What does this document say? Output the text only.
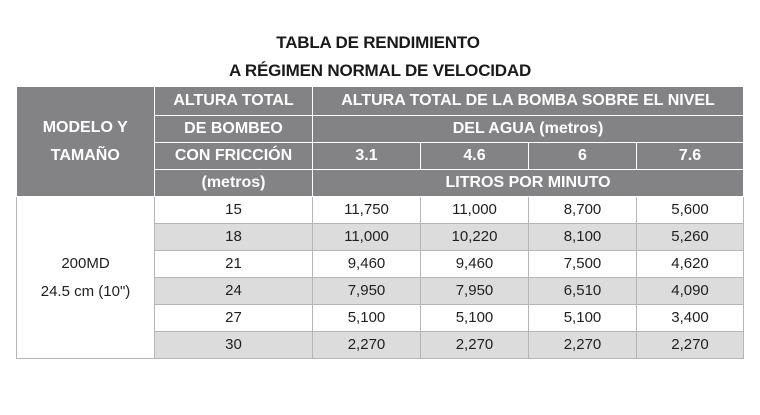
TABLA DE RENDIMIENTO
A RÉGIMEN NORMAL DE VELOCIDAD
MODELO Y TAMAÑO	ALTURA TOTAL	ALTURA TOTAL DE LA BOMBA SOBRE EL NIVEL			
	DE BOMBEO	DEL AGUA (metros)			
	CON FRICCIÓN	3.1	4.6	6	7.6
	(metros)	LITROS POR MINUTO			

200MD
24.5 cm (10")	15	11,750	11,000	8,700	5,600
	18	11,000	10,220	8,100	5,260
	21	9,460	9,460	7,500	4,620
	24	7,950	7,950	6,510	4,090
	27	5,100	5,100	5,100	3,400
	30	2,270	2,270	2,270	2,270
